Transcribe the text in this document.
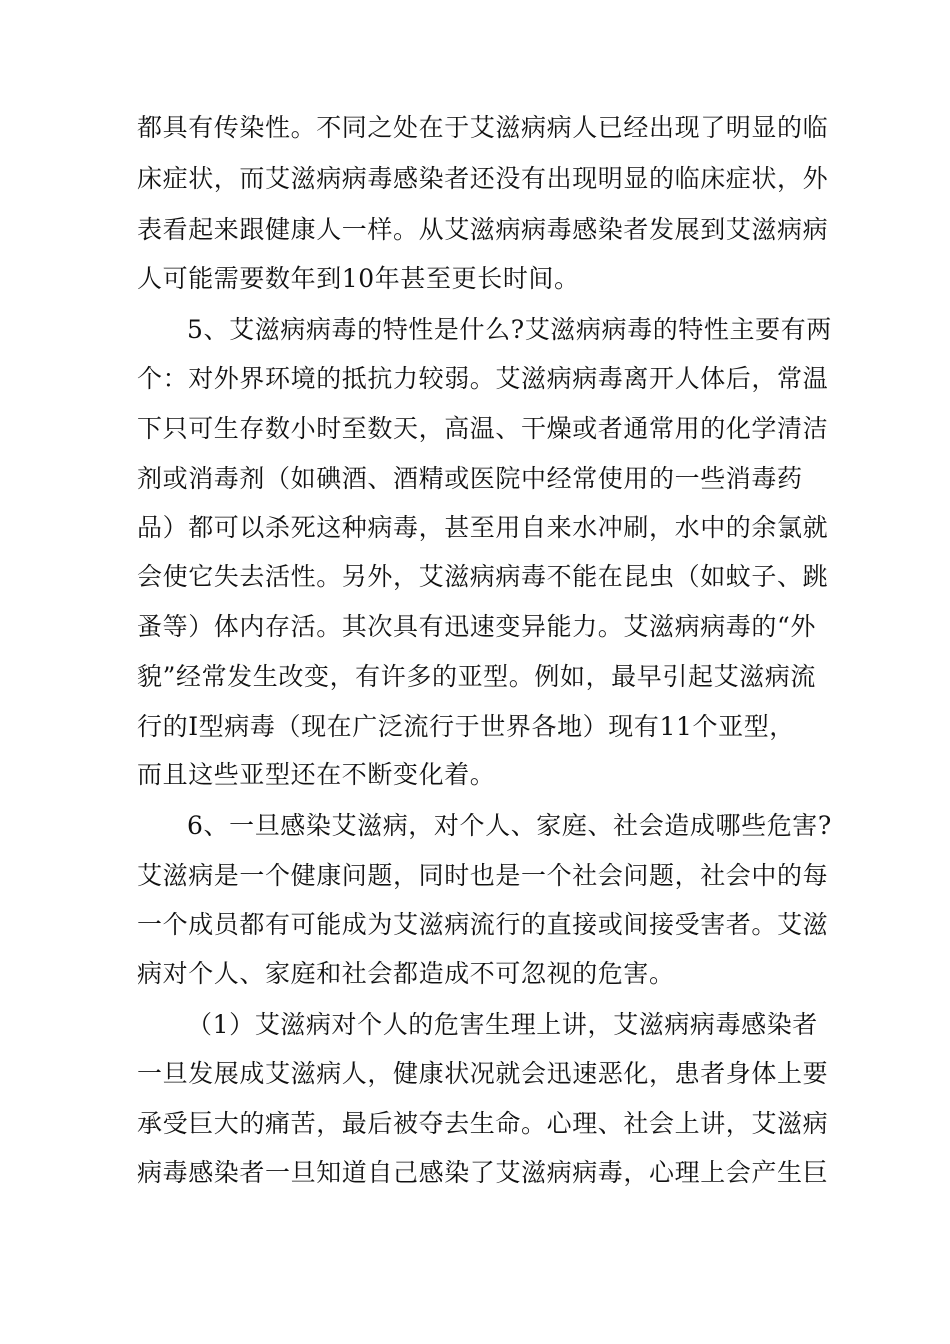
都具有传染性。不同之处在于艾滋病病人已经出现了明显的临
床症状，而艾滋病病毒感染者还没有出现明显的临床症状，外
表看起来跟健康人一样。从艾滋病病毒感染者发展到艾滋病病
人可能需要数年到10年甚至更长时间。
5、艾滋病病毒的特性是什么?艾滋病病毒的特性主要有两
个：对外界环境的抵抗力较弱。艾滋病病毒离开人体后，常温
下只可生存数小时至数天，高温、干燥或者通常用的化学清洁
剂或消毒剂（如碘酒、酒精或医院中经常使用的一些消毒药
品）都可以杀死这种病毒，甚至用自来水冲刷，水中的余氯就
会使它失去活性。另外，艾滋病病毒不能在昆虫（如蚊子、跳
蚤等）体内存活。其次具有迅速变异能力。艾滋病病毒的“外
貌”经常发生改变，有许多的亚型。例如，最早引起艾滋病流
行的Ⅰ型病毒（现在广泛流行于世界各地）现有11个亚型，
而且这些亚型还在不断变化着。
6、一旦感染艾滋病，对个人、家庭、社会造成哪些危害?
艾滋病是一个健康问题，同时也是一个社会问题，社会中的每
一个成员都有可能成为艾滋病流行的直接或间接受害者。艾滋
病对个人、家庭和社会都造成不可忽视的危害。
（1）艾滋病对个人的危害生理上讲，艾滋病病毒感染者
一旦发展成艾滋病人，健康状况就会迅速恶化，患者身体上要
承受巨大的痛苦，最后被夺去生命。心理、社会上讲，艾滋病
病毒感染者一旦知道自己感染了艾滋病病毒，心理上会产生巨
